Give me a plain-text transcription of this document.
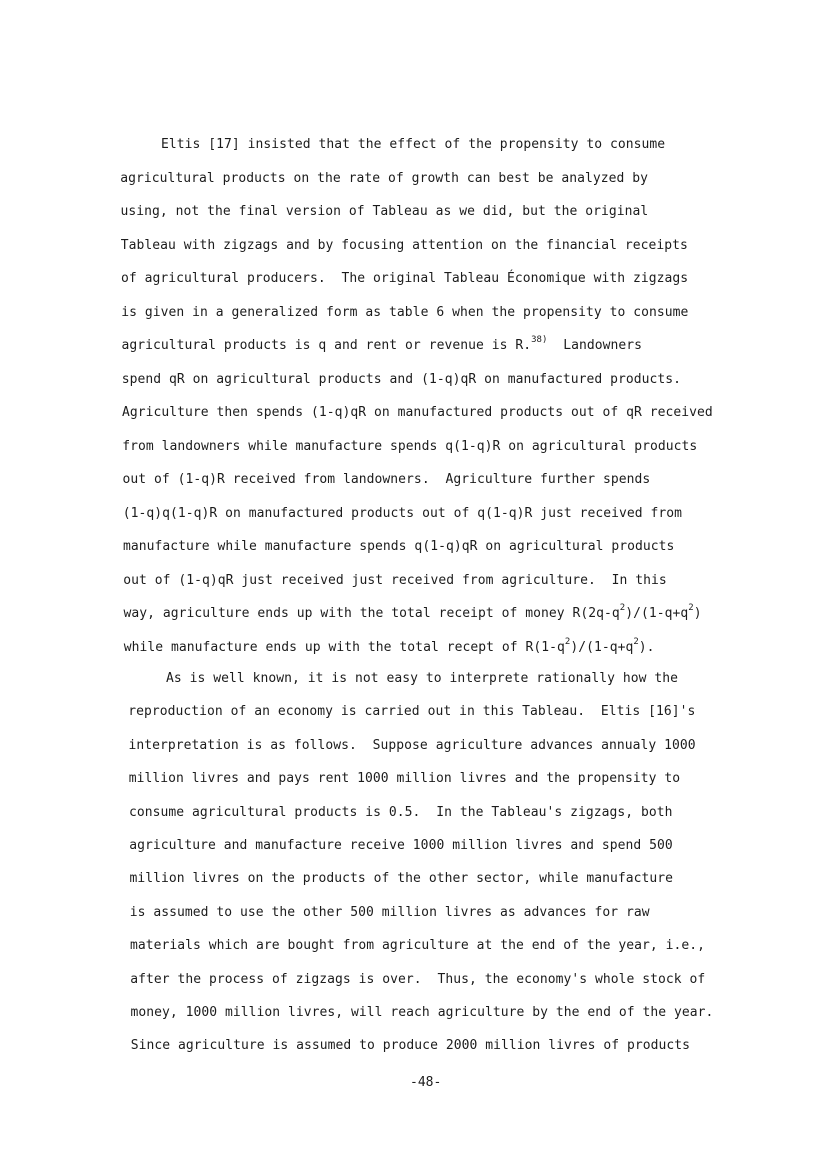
Eltis [17] insisted that the effect of the propensity to consume
agricultural products on the rate of growth can best be analyzed by
using, not the final version of Tableau as we did, but the original
Tableau with zigzags and by focusing attention on the financial receipts
of agricultural producers.  The original Tableau Économique with zigzags
is given in a generalized form as table 6 when the propensity to consume
agricultural products is q and rent or revenue is R.$^{38)}$  Landowners
spend qR on agricultural products and (1-q)qR on manufactured products.
Agriculture then spends (1-q)qR on manufactured products out of qR received
from landowners while manufacture spends q(1-q)R on agricultural products
out of (1-q)R received from landowners.  Agriculture further spends
(1-q)q(1-q)R on manufactured products out of q(1-q)R just received from
manufacture while manufacture spends q(1-q)qR on agricultural products
out of (1-q)qR just received just received from agriculture.  In this
way, agriculture ends up with the total receipt of money $R(2q-q^2)/(1-q+q^2)$
while manufacture ends up with the total recept of $R(1-q^2)/(1-q+q^2)$.
As is well known, it is not easy to interprete rationally how the
reproduction of an economy is carried out in this Tableau.  Eltis [16]'s
interpretation is as follows.  Suppose agriculture advances annualy 1000
million livres and pays rent 1000 million livres and the propensity to
consume agricultural products is 0.5.  In the Tableau's zigzags, both
agriculture and manufacture receive 1000 million livres and spend 500
million livres on the products of the other sector, while manufacture
is assumed to use the other 500 million livres as advances for raw
materials which are bought from agriculture at the end of the year, i.e.,
after the process of zigzags is over.  Thus, the economy's whole stock of
money, 1000 million livres, will reach agriculture by the end of the year.
Since agriculture is assumed to produce 2000 million livres of products
-48-
